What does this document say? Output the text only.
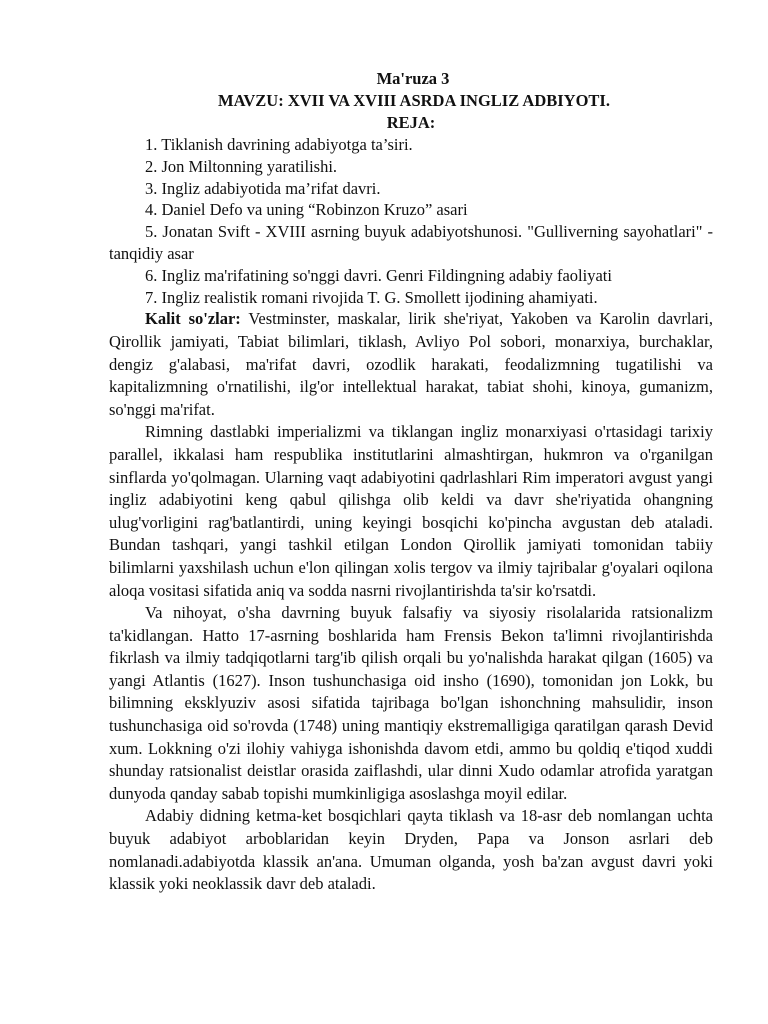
Ma'ruza 3
MAVZU: XVII VA XVIII ASRDA INGLIZ ADBIYOTI.
REJA:
1. Tiklanish davrining adabiyotga ta’siri.
2. Jon Miltonning yaratilishi.
3. Ingliz adabiyotida ma’rifat davri.
4. Daniel Defo va uning “Robinzon Kruzo” asari
5. Jonatan Svift - XVIII asrning buyuk adabiyotshunosi. "Gulliverning sayohatlari" - tanqidiy asar
6. Ingliz ma'rifatining so'nggi davri. Genri Fildingning adabiy faoliyati
7. Ingliz realistik romani rivojida T. G. Smollett ijodining ahamiyati.

Kalit so'zlar: Vestminster, maskalar, lirik she'riyat, Yakoben va Karolin davrlari, Qirollik jamiyati, Tabiat bilimlari, tiklash, Avliyo Pol sobori, monarxiya, burchaklar, dengiz g'alabasi, ma'rifat davri, ozodlik harakati, feodalizmning tugatilishi va kapitalizmning o'rnatilishi, ilg'or intellektual harakat, tabiat shohi, kinoya, gumanizm, so'nggi ma'rifat.

Rimning dastlabki imperializmi va tiklangan ingliz monarxiyasi o'rtasidagi tarixiy parallel, ikkalasi ham respublika institutlarini almashtirgan, hukmron va o'rganilgan sinflarda yo'qolmagan. Ularning vaqt adabiyotini qadrlashlari Rim imperatori avgust yangi ingliz adabiyotini keng qabul qilishga olib keldi va davr she'riyatida ohangning ulug'vorligini rag'batlantirdi, uning keyingi bosqichi ko'pincha avgustan deb ataladi. Bundan tashqari, yangi tashkil etilgan London Qirollik jamiyati tomonidan tabiiy bilimlarni yaxshilash uchun e'lon qilingan xolis tergov va ilmiy tajribalar g'oyalari oqilona aloqa vositasi sifatida aniq va sodda nasrni rivojlantirishda ta'sir ko'rsatdi.

Va nihoyat, o'sha davrning buyuk falsafiy va siyosiy risolalarida ratsionalizm ta'kidlangan. Hatto 17-asrning boshlarida ham Frensis Bekon ta'limni rivojlantirishda fikrlash va ilmiy tadqiqotlarni targ'ib qilish orqali bu yo'nalishda harakat qilgan (1605) va yangi Atlantis (1627). Inson tushunchasiga oid insho (1690), tomonidan jon Lokk, bu bilimning eksklyuziv asosi sifatida tajribaga bo'lgan ishonchning mahsulidir, inson tushunchasiga oid so'rovda (1748) uning mantiqiy ekstremalligiga qaratilgan qarash Devid xum. Lokkning o'zi ilohiy vahiyga ishonishda davom etdi, ammo bu qoldiq e'tiqod xuddi shunday ratsionalist deistlar orasida zaiflashdi, ular dinni Xudo odamlar atrofida yaratgan dunyoda qanday sabab topishi mumkinligiga asoslashga moyil edilar.

Adabiy didning ketma-ket bosqichlari qayta tiklash va 18-asr deb nomlangan uchta buyuk adabiyot arboblaridan keyin Dryden, Papa va Jonson asrlari deb nomlanadi.adabiyotda klassik an'ana. Umuman olganda, yosh ba'zan avgust davri yoki klassik yoki neoklassik davr deb ataladi.
